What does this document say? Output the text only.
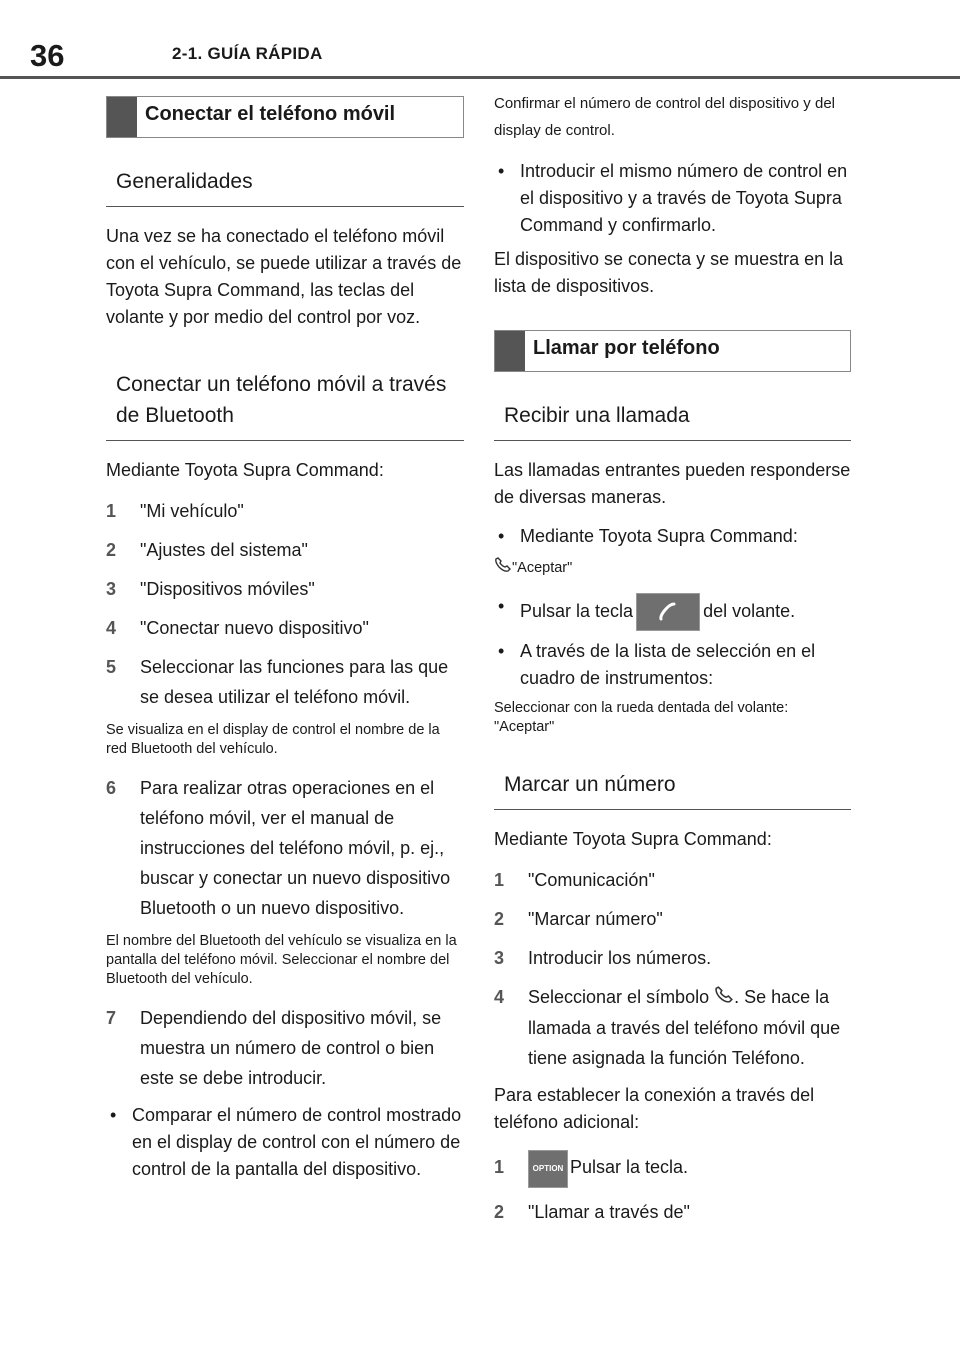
36	2-1. GUÍA RÁPIDA
Conectar el teléfono móvil
Generalidades

Una vez se ha conectado el teléfono móvil con el vehículo, se puede utilizar a través de Toyota Supra Command, las teclas del volante y por medio del control por voz.

Conectar un teléfono móvil a través de Bluetooth

Mediante Toyota Supra Command:

1 "Mi vehículo"
2 "Ajustes del sistema"
3 "Dispositivos móviles"
4 "Conectar nuevo dispositivo"
5 Seleccionar las funciones para las que se desea utilizar el teléfono móvil.

Se visualiza en el display de control el nombre de la red Bluetooth del vehículo.

6 Para realizar otras operaciones en el teléfono móvil, ver el manual de instrucciones del teléfono móvil, p. ej., buscar y conectar un nuevo dispositivo Bluetooth o un nuevo dispositivo.

El nombre del Bluetooth del vehículo se visualiza en la pantalla del teléfono móvil. Seleccionar el nombre del Bluetooth del vehículo.

7 Dependiendo del dispositivo móvil, se muestra un número de control o bien este se debe introducir.
• Comparar el número de control mostrado en el display de control con el número de control de la pantalla del dispositivo.

Confirmar el número de control del dispositivo y del display de control.

• Introducir el mismo número de control en el dispositivo y a través de Toyota Supra Command y confirmarlo.

El dispositivo se conecta y se muestra en la lista de dispositivos.

Llamar por teléfono
Recibir una llamada

Las llamadas entrantes pueden responderse de diversas maneras.

• Mediante Toyota Supra Command:

"Aceptar"

• Pulsar la tecla	del volante.
• A través de la lista de selección en el cuadro de instrumentos:

Seleccionar con la rueda dentada del volante: "Aceptar"

Marcar un número

Mediante Toyota Supra Command:

1 "Comunicación"
2 "Marcar número"
3 Introducir los números.
4 Seleccionar el símbolo . Se hace la llamada a través del teléfono móvil que tiene asignada la función Teléfono.

Para establecer la conexión a través del teléfono adicional:

1	OPTION Pulsar la tecla.
2 "Llamar a través de"
